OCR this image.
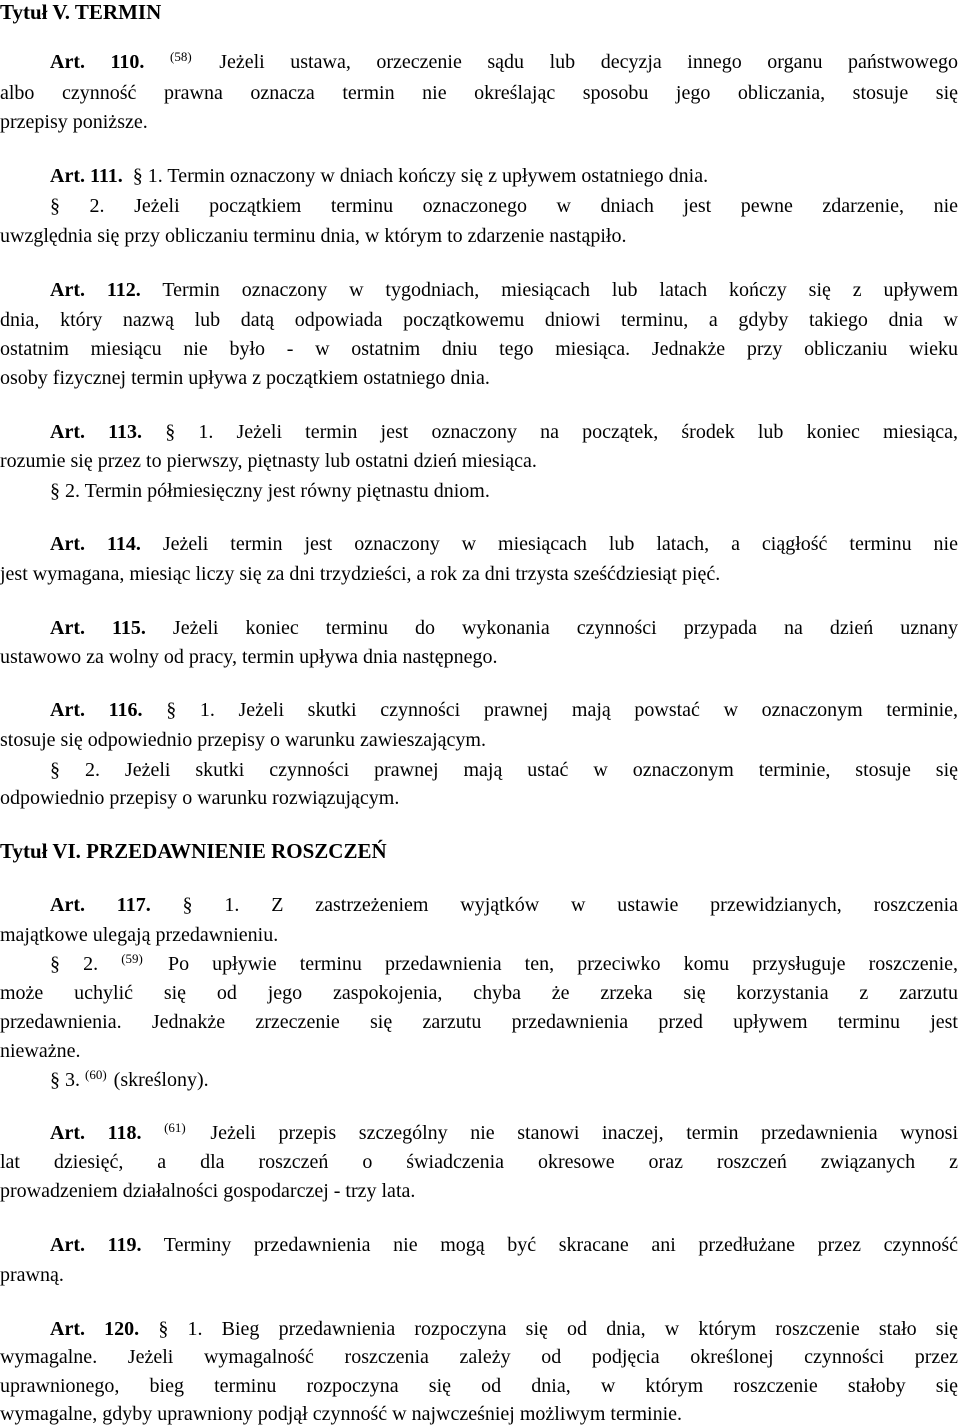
Tytuł V. TERMIN
Art. 110. $^{(58)}$ Jeżeli ustawa, orzeczenie sądu lub decyzja innego organu państwowego
albo czynność prawna oznacza termin nie określając sposobu jego obliczania, stosuje się
przepisy poniższe.
Art. 111. § 1. Termin oznaczony w dniach kończy się z upływem ostatniego dnia.
§ 2. Jeżeli początkiem terminu oznaczonego w dniach jest pewne zdarzenie, nie
uwzględnia się przy obliczaniu terminu dnia, w którym to zdarzenie nastąpiło.
Art. 112. Termin oznaczony w tygodniach, miesiącach lub latach kończy się z upływem
dnia, który nazwą lub datą odpowiada początkowemu dniowi terminu, a gdyby takiego dnia w
ostatnim miesiącu nie było - w ostatnim dniu tego miesiąca. Jednakże przy obliczaniu wieku
osoby fizycznej termin upływa z początkiem ostatniego dnia.
Art. 113. § 1. Jeżeli termin jest oznaczony na początek, środek lub koniec miesiąca,
rozumie się przez to pierwszy, piętnasty lub ostatni dzień miesiąca.
§ 2. Termin półmiesięczny jest równy piętnastu dniom.
Art. 114. Jeżeli termin jest oznaczony w miesiącach lub latach, a ciągłość terminu nie
jest wymagana, miesiąc liczy się za dni trzydzieści, a rok za dni trzysta sześćdziesiąt pięć.
Art. 115. Jeżeli koniec terminu do wykonania czynności przypada na dzień uznany
ustawowo za wolny od pracy, termin upływa dnia następnego.
Art. 116. § 1. Jeżeli skutki czynności prawnej mają powstać w oznaczonym terminie,
stosuje się odpowiednio przepisy o warunku zawieszającym.
§ 2. Jeżeli skutki czynności prawnej mają ustać w oznaczonym terminie, stosuje się
odpowiednio przepisy o warunku rozwiązującym.
Tytuł VI. PRZEDAWNIENIE ROSZCZEŃ
Art. 117. § 1. Z zastrzeżeniem wyjątków w ustawie przewidzianych, roszczenia
majątkowe ulegają przedawnieniu.
§ 2. $^{(59)}$ Po upływie terminu przedawnienia ten, przeciwko komu przysługuje roszczenie,
może uchylić się od jego zaspokojenia, chyba że zrzeka się korzystania z zarzutu
przedawnienia. Jednakże zrzeczenie się zarzutu przedawnienia przed upływem terminu jest
nieważne.
§ 3. $^{(60)}$ (skreślony).
Art. 118. $^{(61)}$ Jeżeli przepis szczególny nie stanowi inaczej, termin przedawnienia wynosi
lat dziesięć, a dla roszczeń o świadczenia okresowe oraz roszczeń związanych z
prowadzeniem działalności gospodarczej - trzy lata.
Art. 119. Terminy przedawnienia nie mogą być skracane ani przedłużane przez czynność
prawną.
Art. 120. § 1. Bieg przedawnienia rozpoczyna się od dnia, w którym roszczenie stało się
wymagalne. Jeżeli wymagalność roszczenia zależy od podjęcia określonej czynności przez
uprawnionego, bieg terminu rozpoczyna się od dnia, w którym roszczenie stałoby się
wymagalne, gdyby uprawniony podjął czynność w najwcześniej możliwym terminie.
